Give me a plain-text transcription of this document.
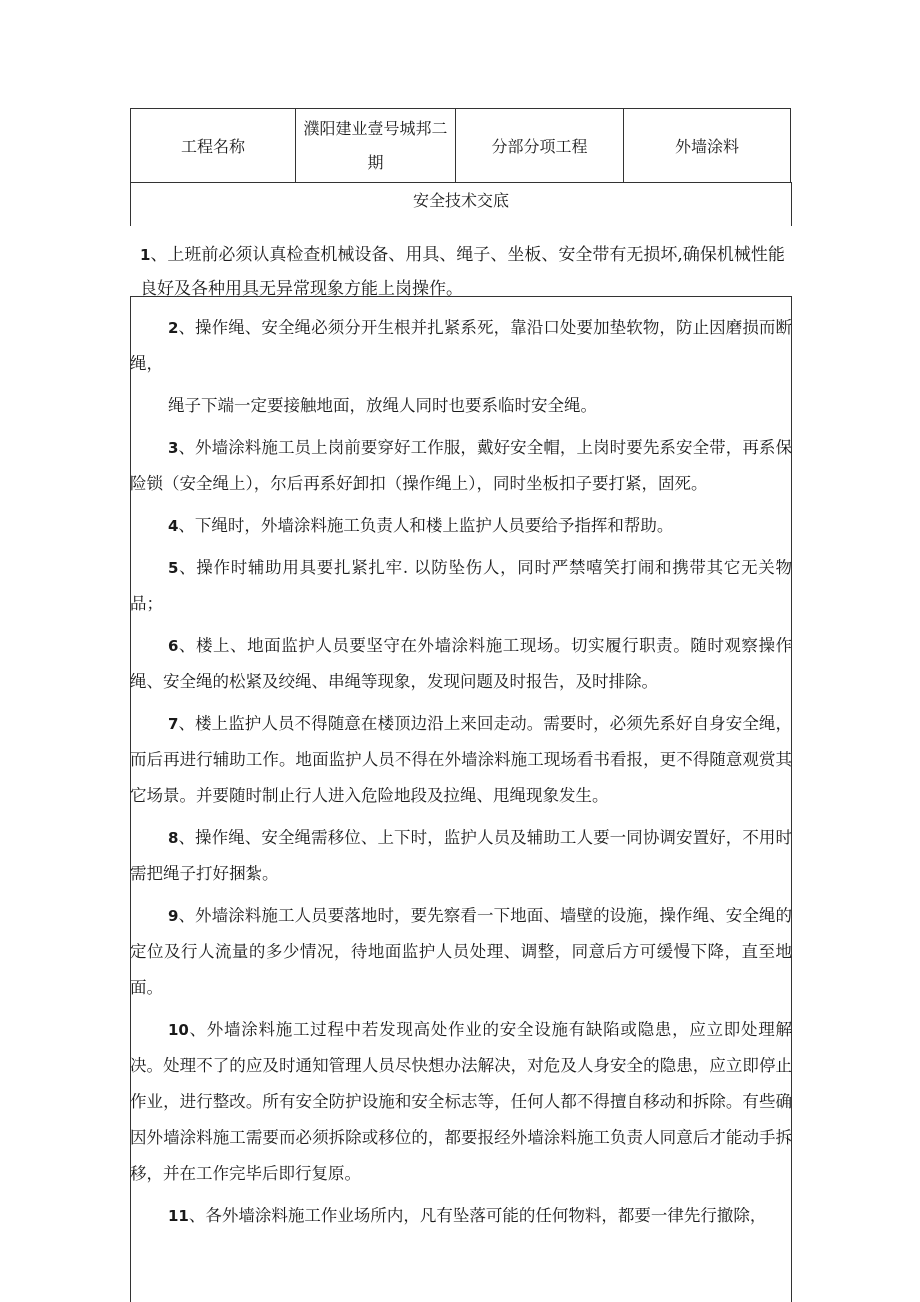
工程名称	濮阳建业壹号城邦二期	分部分项工程	外墙涂料
安全技术交底
1、上班前必须认真检查机械设备、用具、绳子、坐板、安全带有无损坏,确保机械性能良好及各种用具无异常现象方能上岗操作。

2、操作绳、安全绳必须分开生根并扎紧系死，靠沿口处要加垫软物，防止因磨损而断绳，

绳子下端一定要接触地面，放绳人同时也要系临时安全绳。

3、外墙涂料施工员上岗前要穿好工作服，戴好安全帽，上岗时要先系安全带，再系保险锁（安全绳上），尔后再系好卸扣（操作绳上），同时坐板扣子要打紧，固死。

4、下绳时，外墙涂料施工负责人和楼上监护人员要给予指挥和帮助。

5、操作时辅助用具要扎紧扎牢. 以防坠伤人，同时严禁嘻笑打闹和携带其它无关物品；

6、楼上、地面监护人员要坚守在外墙涂料施工现场。切实履行职责。随时观察操作绳、安全绳的松紧及绞绳、串绳等现象，发现问题及时报告，及时排除。

7、楼上监护人员不得随意在楼顶边沿上来回走动。需要时，必须先系好自身安全绳，而后再进行辅助工作。地面监护人员不得在外墙涂料施工现场看书看报，更不得随意观赏其它场景。并要随时制止行人进入危险地段及拉绳、甩绳现象发生。

8、操作绳、安全绳需移位、上下时，监护人员及辅助工人要一同协调安置好，不用时需把绳子打好捆紮。

9、外墙涂料施工人员要落地时，要先察看一下地面、墙壁的设施，操作绳、安全绳的定位及行人流量的多少情况，待地面监护人员处理、调整，同意后方可缓慢下降，直至地面。

10、外墙涂料施工过程中若发现高处作业的安全设施有缺陷或隐患，应立即处理解决。处理不了的应及时通知管理人员尽快想办法解决，对危及人身安全的隐患，应立即停止作业，进行整改。所有安全防护设施和安全标志等，任何人都不得擅自移动和拆除。有些确因外墙涂料施工需要而必须拆除或移位的，都要报经外墙涂料施工负责人同意后才能动手拆移，并在工作完毕后即行复原。

11、各外墙涂料施工作业场所内，凡有坠落可能的任何物料，都要一律先行撤除，
